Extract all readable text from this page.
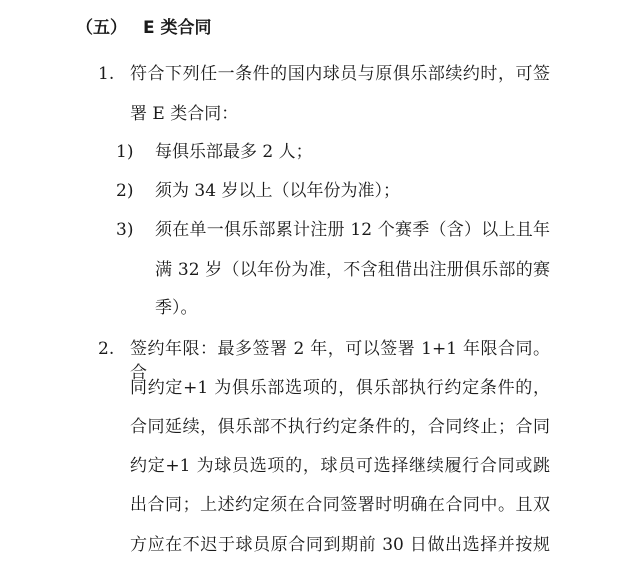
（五） E 类合同
1. 符合下列任一条件的国内球员与原俱乐部续约时，可签
署 E 类合同：
1) 每俱乐部最多 2 人；
2) 须为 34 岁以上（以年份为准）；
3) 须在单一俱乐部累计注册 12 个赛季（含）以上且年
满 32 岁（以年份为准，不含租借出注册俱乐部的赛
季）。
2. 签约年限：最多签署 2 年，可以签署 1+1 年限合同。合
同约定+1 为俱乐部选项的，俱乐部执行约定条件的，
合同延续，俱乐部不执行约定条件的，合同终止；合同
约定+1 为球员选项的，球员可选择继续履行合同或跳
出合同；上述约定须在合同签署时明确在合同中。且双
方应在不迟于球员原合同到期前 30 日做出选择并按规
